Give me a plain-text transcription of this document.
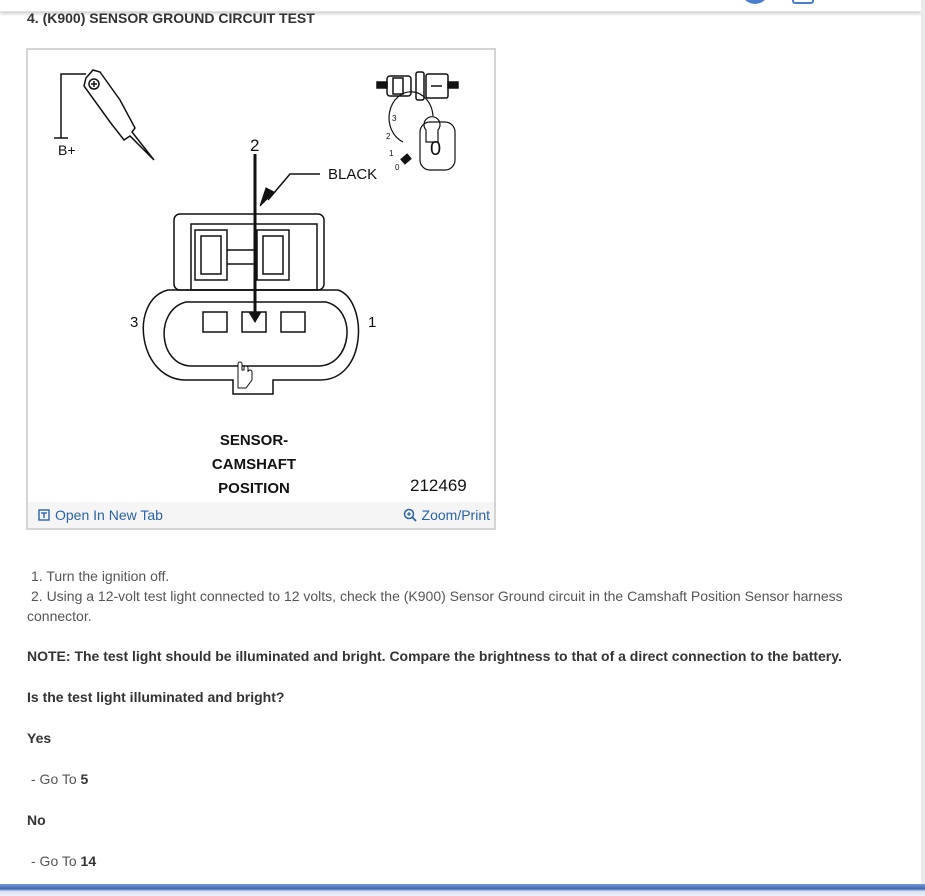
4. (K900) SENSOR GROUND CIRCUIT TEST
B+	2
BLACK
3	1
3
2
1
0
0
SENSOR-
CAMSHAFT
POSITION	212469
Open In New Tab	Zoom/Print
1. Turn the ignition off.
2. Using a 12-volt test light connected to 12 volts, check the (K900) Sensor Ground circuit in the Camshaft Position Sensor harness connector.
NOTE: The test light should be illuminated and bright. Compare the brightness to that of a direct connection to the battery.
Is the test light illuminated and bright?
Yes
- Go To 5
No
- Go To 14
